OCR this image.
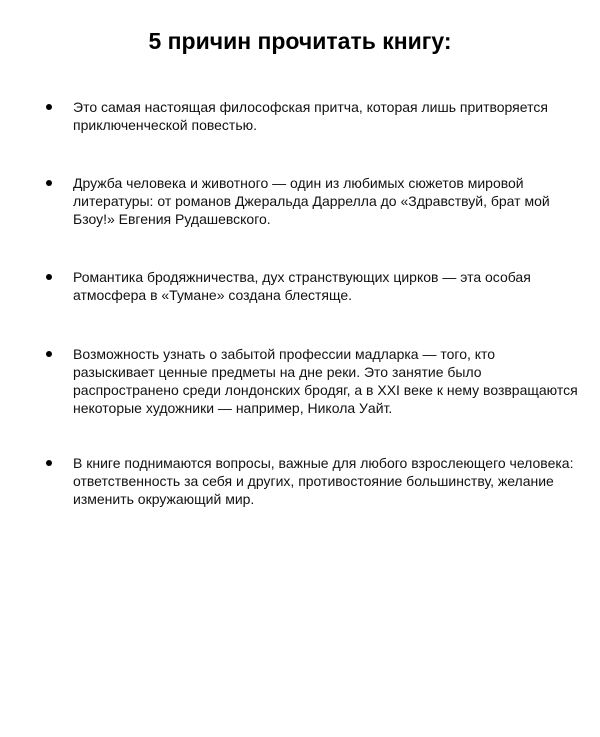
5 причин прочитать книгу:

Это самая настоящая философская притча, которая лишь притворяется приключенческой повестью.

Дружба человека и животного — один из любимых сюжетов мировой литературы: от романов Джеральда Даррелла до «Здравствуй, брат мой Бзоу!» Евгения Рудашевского.

Романтика бродяжничества, дух странствующих цирков — эта особая атмосфера в «Тумане» создана блестяще.

Возможность узнать о забытой профессии мадларка — того, кто разыскивает ценные предметы на дне реки. Это занятие было распространено среди лондонских бродяг, а в XXI веке к нему возвращаются некоторые художники — например, Никола Уайт.

В книге поднимаются вопросы, важные для любого взрослеющего человека: ответственность за себя и других, противостояние большинству, желание изменить окружающий мир.
